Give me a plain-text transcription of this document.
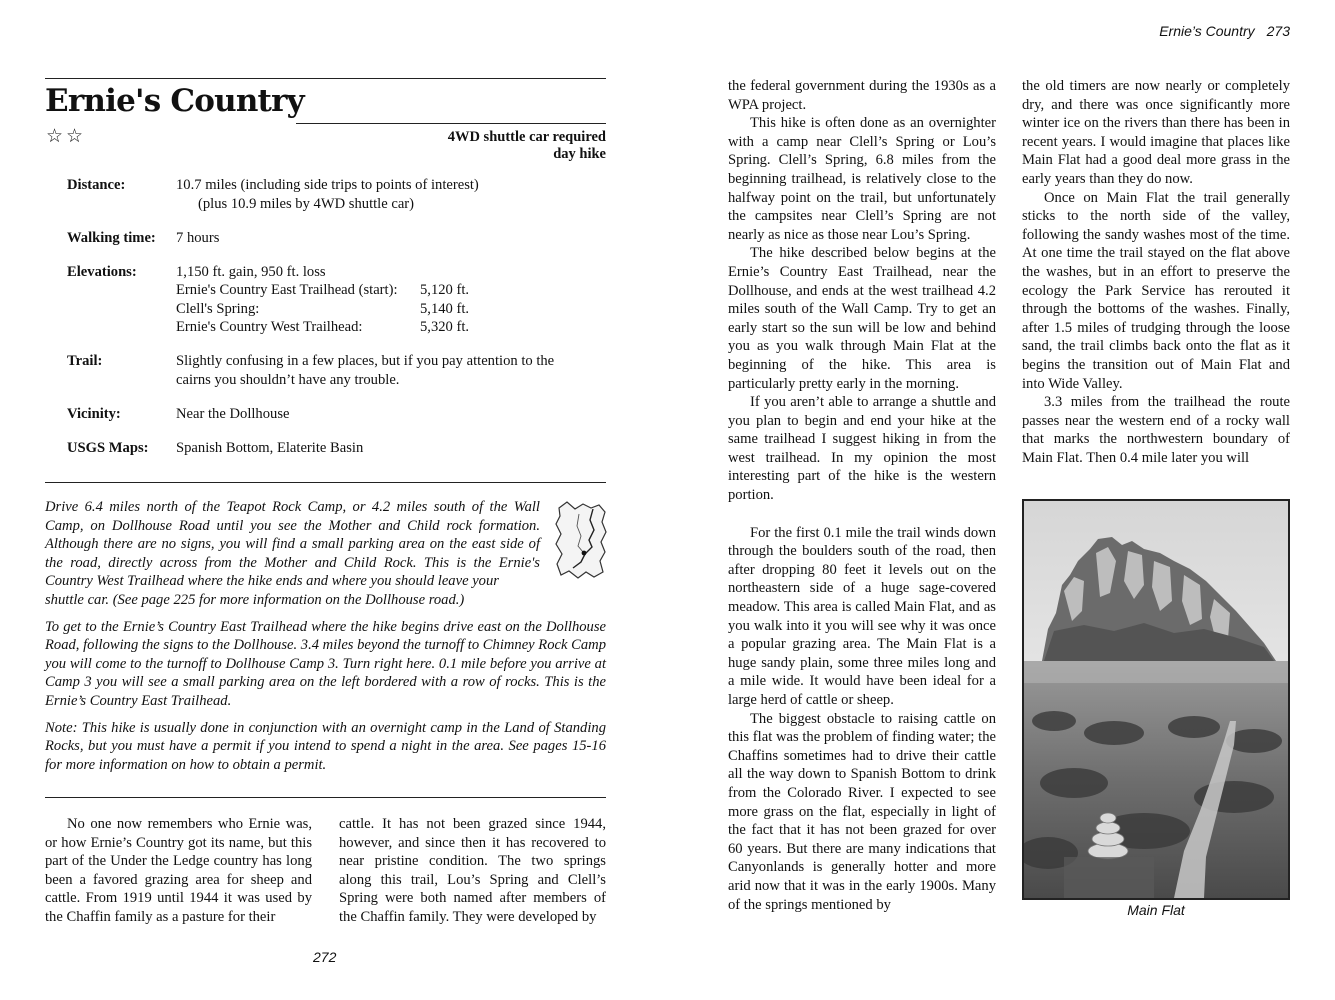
Ernie's Country
☆☆	4WD shuttle car required
day hike
Distance:	10.7 miles (including side trips to points of interest)
(plus 10.9 miles by 4WD shuttle car)
Walking time:	7 hours
Elevations:	1,150 ft. gain, 950 ft. loss
Ernie's Country East Trailhead (start):	5,120 ft.
Clell's Spring:	5,140 ft.
Ernie's Country West Trailhead:	5,320 ft.
Trail:	Slightly confusing in a few places, but if you pay attention to the
cairns you shouldn’t have any trouble.
Vicinity:	Near the Dollhouse
USGS Maps:	Spanish Bottom, Elaterite Basin

Drive 6.4 miles north of the Teapot Rock Camp, or 4.2 miles south of the Wall Camp, on Dollhouse Road until you see the Mother and Child rock formation. Although there are no signs, you will find a small parking area on the east side of the road, directly across from the Mother and Child Rock. This is the Ernie's Country West Trailhead where the hike ends and where you should leave your
shuttle car. (See page 225 for more information on the Dollhouse road.)

To get to the Ernie’s Country East Trailhead where the hike begins drive east on the Dollhouse Road, following the signs to the Dollhouse. 3.4 miles beyond the turnoff to Chimney Rock Camp you will come to the turnoff to Dollhouse Camp 3. Turn right here. 0.1 mile before you arrive at Camp 3 you will see a small parking area on the left bordered with a row of rocks. This is the Ernie’s Country East Trailhead.

Note: This hike is usually done in conjunction with an overnight camp in the Land of Standing Rocks, but you must have a permit if you intend to spend a night in the area. See pages 15-16 for more information on how to obtain a permit.

No one now remembers who Ernie was, or how Ernie’s Country got its name, but this part of the Under the Ledge country has long been a favored grazing area for sheep and cattle. From 1919 until 1944 it was used by the Chaffin family as a pasture for their

cattle. It has not been grazed since 1944, however, and since then it has recovered to near pristine condition. The two springs along this trail, Lou’s Spring and Clell’s Spring were both named after members of the Chaffin family. They were developed by

272
Ernie’s Country 273

the federal government during the 1930s as a WPA project.

This hike is often done as an overnighter with a camp near Clell’s Spring or Lou’s Spring. Clell’s Spring, 6.8 miles from the beginning trailhead, is relatively close to the halfway point on the trail, but unfortunately the campsites near Clell’s Spring are not nearly as nice as those near Lou’s Spring.

The hike described below begins at the Ernie’s Country East Trailhead, near the Dollhouse, and ends at the west trailhead 4.2 miles south of the Wall Camp. Try to get an early start so the sun will be low and behind you as you walk through Main Flat at the beginning of the hike. This area is particularly pretty early in the morning.

If you aren’t able to arrange a shuttle and you plan to begin and end your hike at the same trailhead I suggest hiking in from the west trailhead. In my opinion the most interesting part of the hike is the western portion.

For the first 0.1 mile the trail winds down through the boulders south of the road, then after dropping 80 feet it levels out on the northeastern side of a huge sage-covered meadow. This area is called Main Flat, and as you walk into it you will see why it was once a popular grazing area. The Main Flat is a huge sandy plain, some three miles long and a mile wide. It would have been ideal for a large herd of cattle or sheep.

The biggest obstacle to raising cattle on this flat was the problem of finding water; the Chaffins sometimes had to drive their cattle all the way down to Spanish Bottom to drink from the Colorado River. I expected to see more grass on the flat, especially in light of the fact that it has not been grazed for over 60 years. But there are many indications that Canyonlands is generally hotter and more arid now that it was in the early 1900s. Many of the springs mentioned by

the old timers are now nearly or completely dry, and there was once significantly more winter ice on the rivers than there has been in recent years. I would imagine that places like Main Flat had a good deal more grass in the early years than they do now.

Once on Main Flat the trail generally sticks to the north side of the valley, following the sandy washes most of the time. At one time the trail stayed on the flat above the washes, but in an effort to preserve the ecology the Park Service has rerouted it through the bottoms of the washes. Finally, after 1.5 miles of trudging through the loose sand, the trail climbs back onto the flat as it begins the transition out of Main Flat and into Wide Valley.

3.3 miles from the trailhead the route passes near the western end of a rocky wall that marks the northwestern boundary of Main Flat. Then 0.4 mile later you will

Main Flat
